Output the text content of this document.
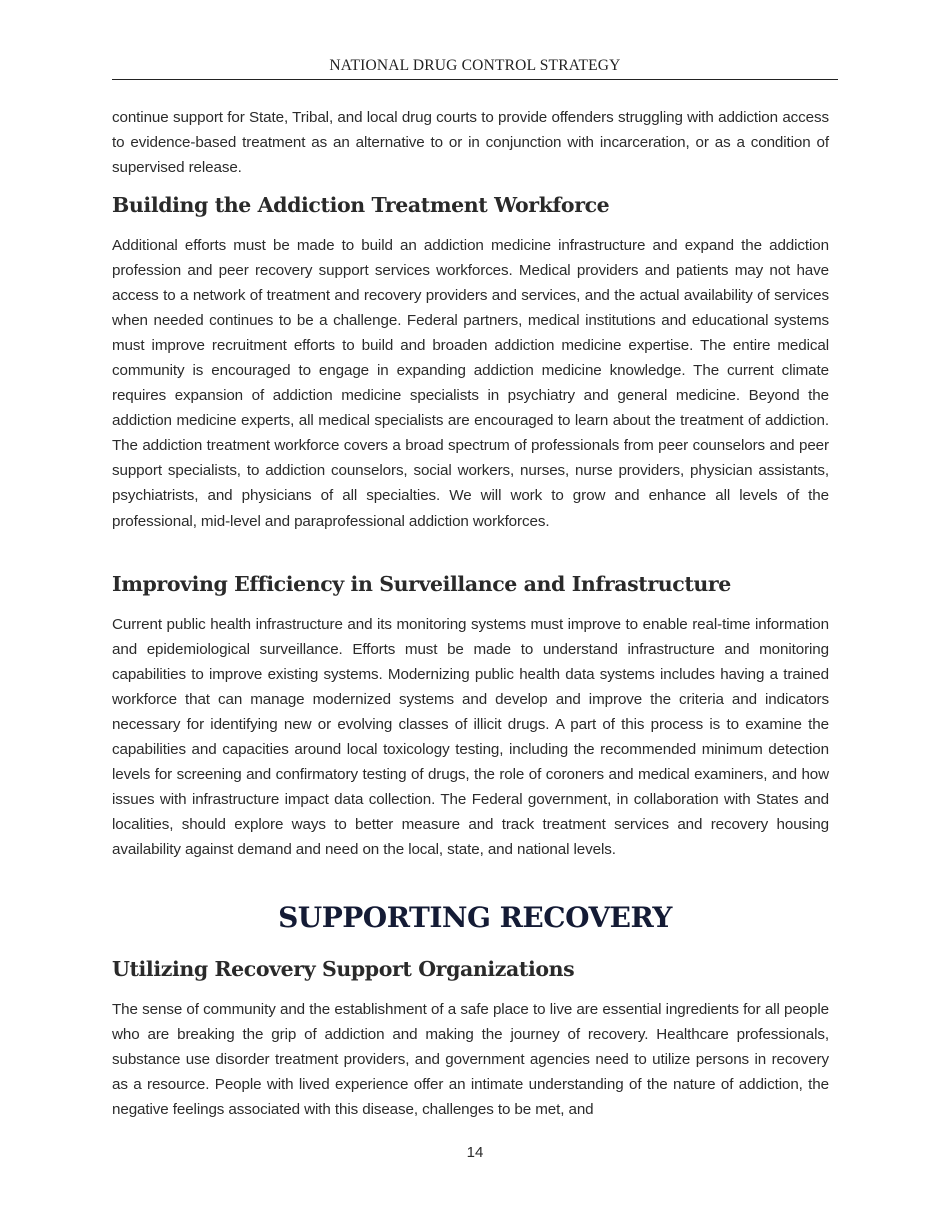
NATIONAL DRUG CONTROL STRATEGY

continue support for State, Tribal, and local drug courts to provide offenders struggling with addiction access to evidence-based treatment as an alternative to or in conjunction with incarceration, or as a condition of supervised release.

Building the Addiction Treatment Workforce

Additional efforts must be made to build an addiction medicine infrastructure and expand the addiction profession and peer recovery support services workforces. Medical providers and patients may not have access to a network of treatment and recovery providers and services, and the actual availability of services when needed continues to be a challenge. Federal partners, medical institutions and educational systems must improve recruitment efforts to build and broaden addiction medicine expertise. The entire medical community is encouraged to engage in expanding addiction medicine knowledge. The current climate requires expansion of addiction medicine specialists in psychiatry and general medicine. Beyond the addiction medicine experts, all medical specialists are encouraged to learn about the treatment of addiction. The addiction treatment workforce covers a broad spectrum of professionals from peer counselors and peer support specialists, to addiction counselors, social workers, nurses, nurse providers, physician assistants, psychiatrists, and physicians of all specialties. We will work to grow and enhance all levels of the professional, mid-level and paraprofessional addiction workforces.

Improving Efficiency in Surveillance and Infrastructure

Current public health infrastructure and its monitoring systems must improve to enable real-time information and epidemiological surveillance. Efforts must be made to understand infrastructure and monitoring capabilities to improve existing systems. Modernizing public health data systems includes having a trained workforce that can manage modernized systems and develop and improve the criteria and indicators necessary for identifying new or evolving classes of illicit drugs. A part of this process is to examine the capabilities and capacities around local toxicology testing, including the recommended minimum detection levels for screening and confirmatory testing of drugs, the role of coroners and medical examiners, and how issues with infrastructure impact data collection. The Federal government, in collaboration with States and localities, should explore ways to better measure and track treatment services and recovery housing availability against demand and need on the local, state, and national levels.

SUPPORTING RECOVERY
Utilizing Recovery Support Organizations

The sense of community and the establishment of a safe place to live are essential ingredients for all people who are breaking the grip of addiction and making the journey of recovery. Healthcare professionals, substance use disorder treatment providers, and government agencies need to utilize persons in recovery as a resource. People with lived experience offer an intimate understanding of the nature of addiction, the negative feelings associated with this disease, challenges to be met, and

14
